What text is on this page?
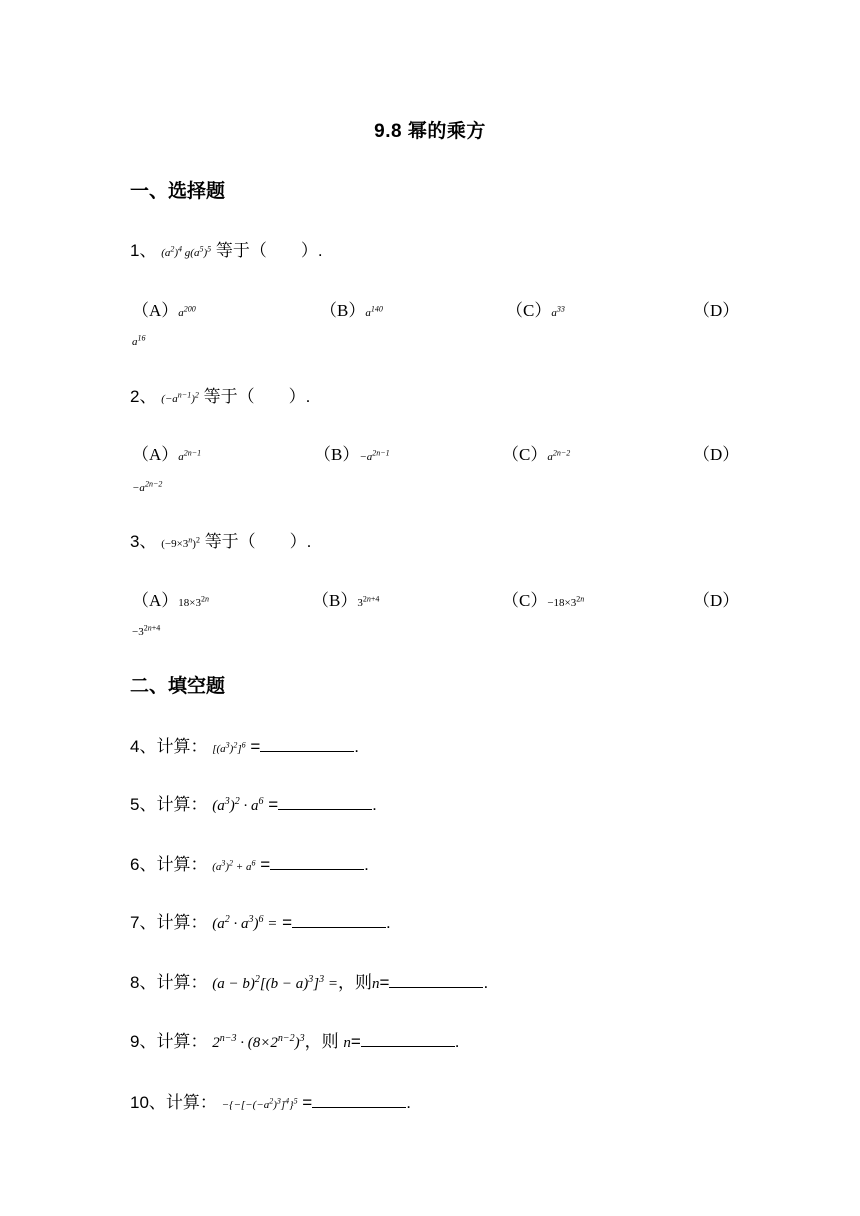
9.8 幂的乘方
一、选择题
1、 $(a^2)^4$ $g(a^5)^5$ 等于（　　）.
$(A)a^{200}$	$(B)a^{140}$	$(C)a^{33}$	（D）
$a^{16}$
2、 $(-a^{n-1})^2$ 等于（　　）.
$(A)a^{2n-1}$	$(B)-a^{2n-1}$	$(C)a^{2n-2}$	（D）
$-a^{2n-2}$
3、 $(-9\times 3^n)^2$ 等于（　　）.
$(A)18\times 3^{2n}$	$(B)3^{2n+4}$	$(C)-18\times 3^{2n}$	（D）
$-3^{2n+4}$
二、填空题
4、计算： $[(a^3)^2]^6$ =	.
5、计算： $(a^3)^2 \cdot a^6$ =	.
6、计算： $(a^3)^2 + a^6$ =	.
7、计算： $(a^2 \cdot a^3)^6$ = =	.
8、计算： $(a - b)^2[(b - a)^3]^3$ =，则n=	.
9、计算： $2^{n-3} \cdot (8\times 2^{n-2})^3$，则 n=	.
10、计算： $-\{-[-(-a^2)^3]^4\}^5$ =	.
